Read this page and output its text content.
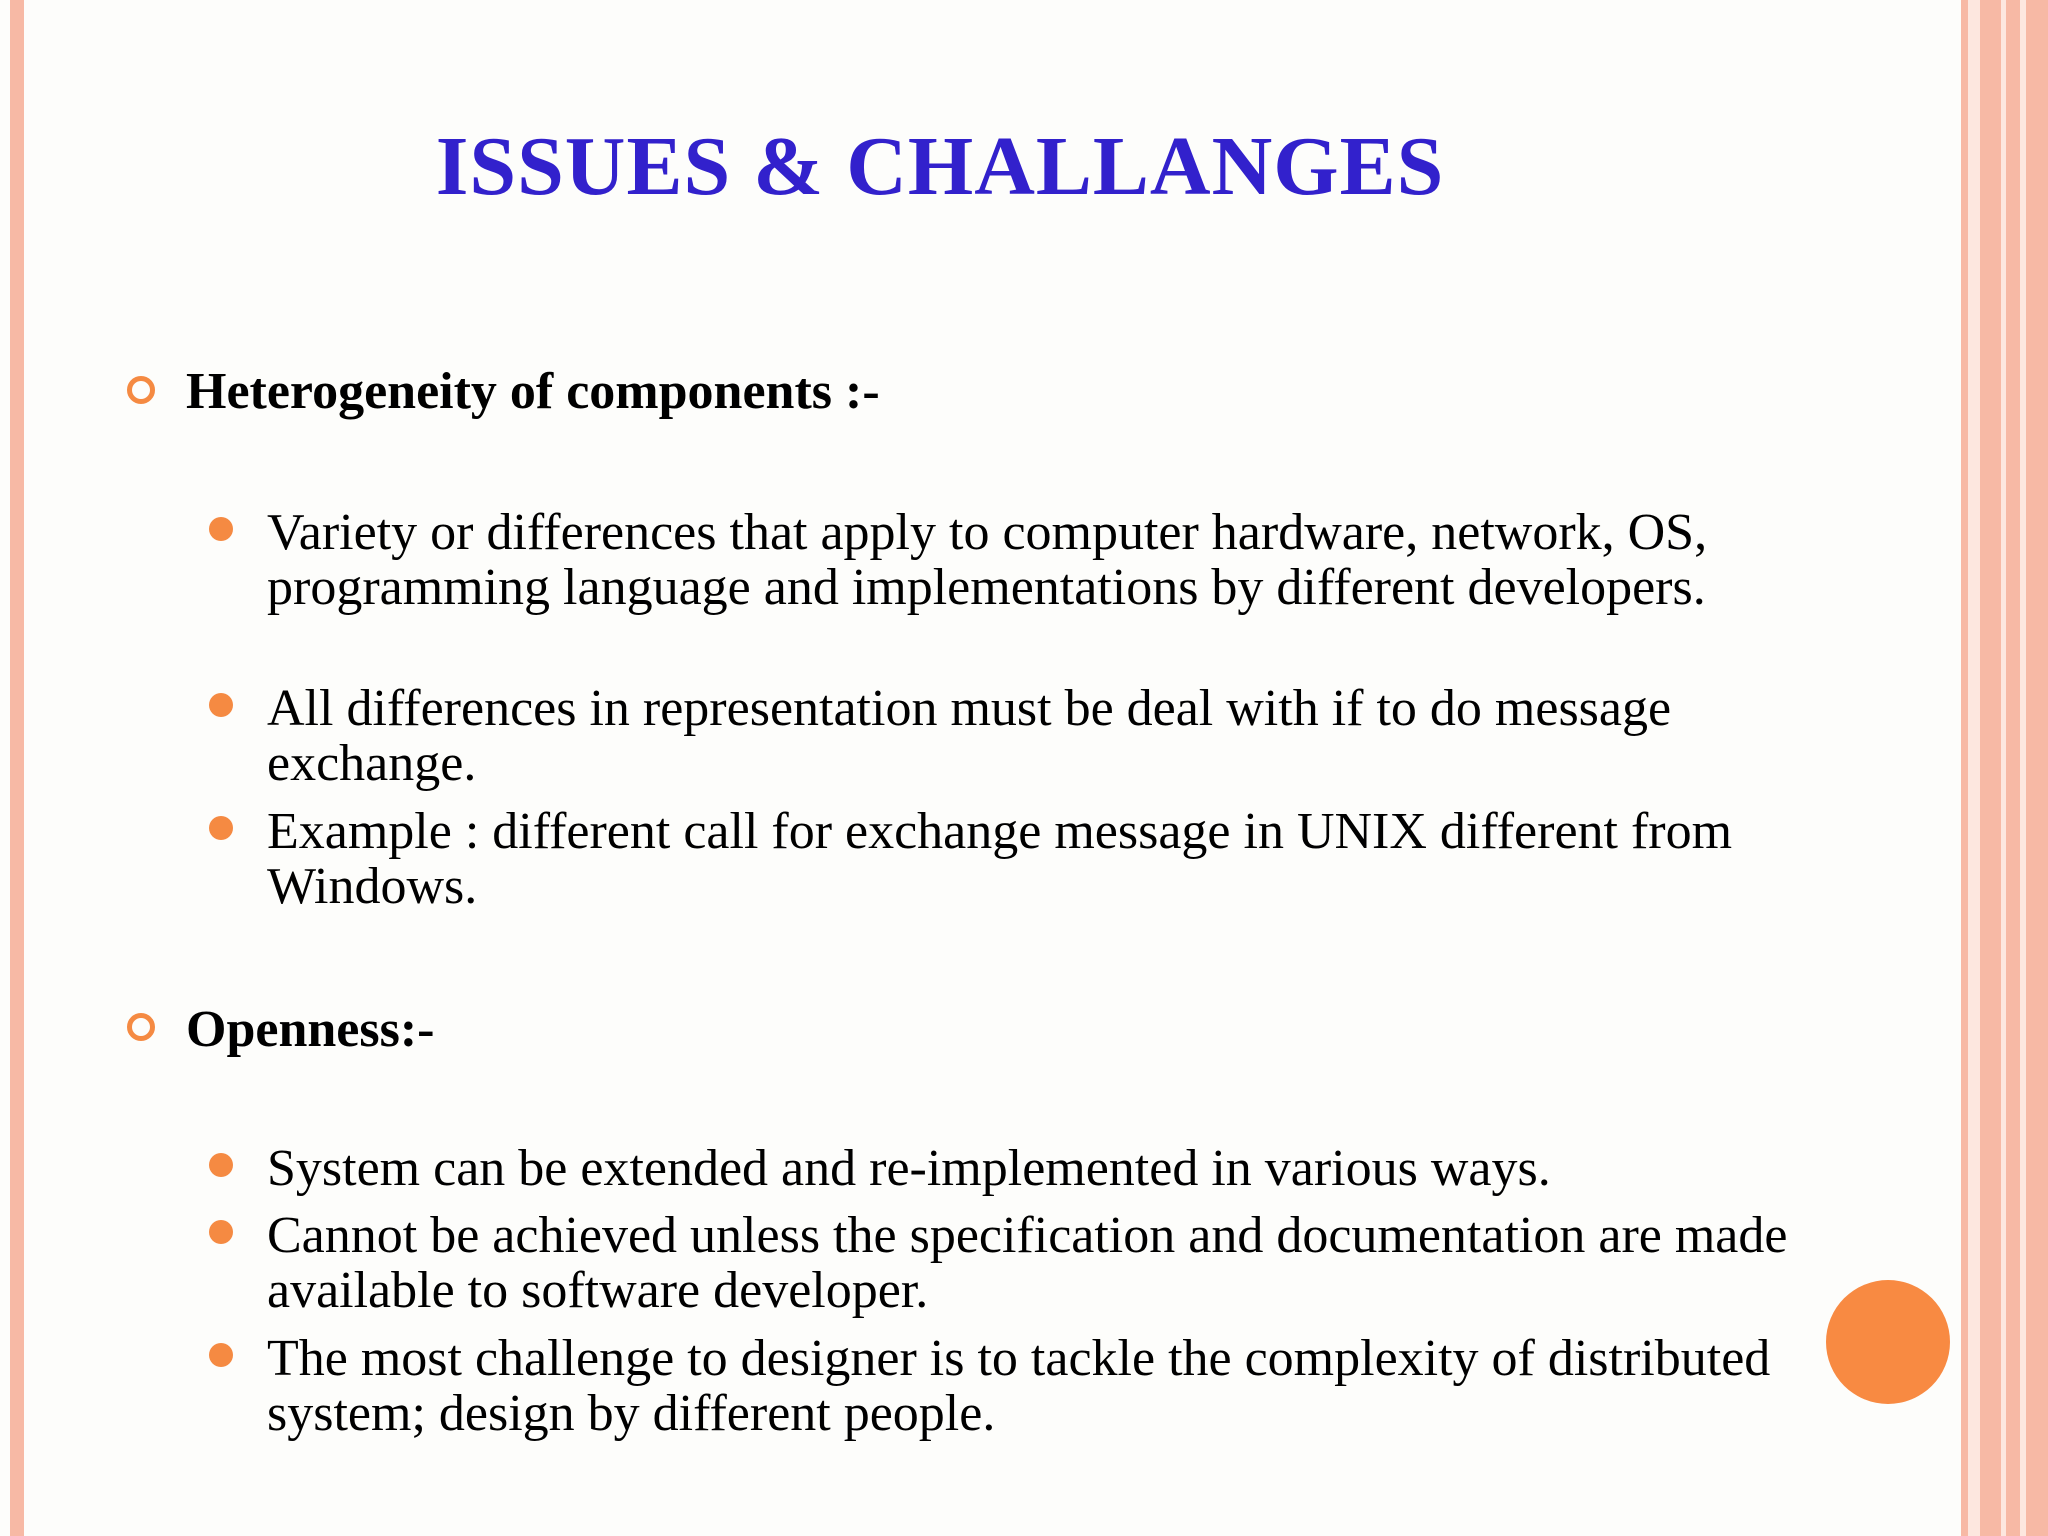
ISSUES & CHALLANGES
Heterogeneity of components :-
Variety or differences that apply to computer hardware, network, OS, programming language and implementations by different developers.
All differences in representation must be deal with if to do message exchange.
Example : different call for exchange message in UNIX different from Windows.
Openness:-
System can be extended and re-implemented in various ways.
Cannot be achieved unless the specification and documentation are made available to software developer.
The most challenge to designer is to tackle the complexity of distributed system; design by different people.
